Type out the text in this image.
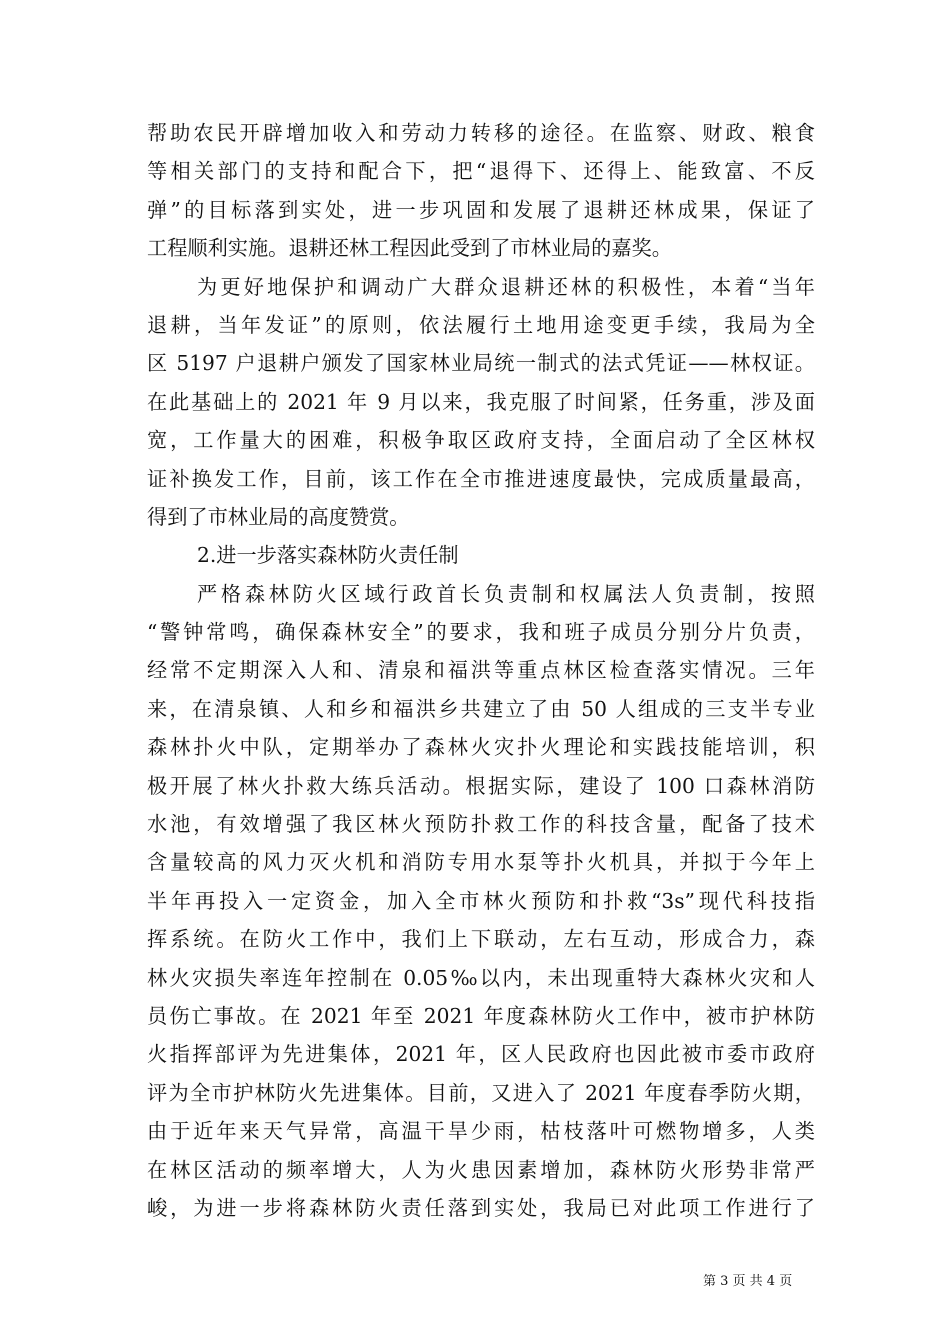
帮助农民开辟增加收入和劳动力转移的途径。在监察、财政、粮食
等相关部门的支持和配合下，把“退得下、还得上、能致富、不反
弹”的目标落到实处，进一步巩固和发展了退耕还林成果，保证了
工程顺利实施。退耕还林工程因此受到了市林业局的嘉奖。
为更好地保护和调动广大群众退耕还林的积极性，本着“当年
退耕，当年发证”的原则，依法履行土地用途变更手续，我局为全
区 5197 户退耕户颁发了国家林业局统一制式的法式凭证——林权证。
在此基础上的 2021 年 9 月以来，我克服了时间紧，任务重，涉及面
宽，工作量大的困难，积极争取区政府支持，全面启动了全区林权
证补换发工作，目前，该工作在全市推进速度最快，完成质量最高，
得到了市林业局的高度赞赏。
2.进一步落实森林防火责任制
严格森林防火区域行政首长负责制和权属法人负责制，按照
“警钟常鸣，确保森林安全”的要求，我和班子成员分别分片负责，
经常不定期深入人和、清泉和福洪等重点林区检查落实情况。三年
来，在清泉镇、人和乡和福洪乡共建立了由 50 人组成的三支半专业
森林扑火中队，定期举办了森林火灾扑火理论和实践技能培训，积
极开展了林火扑救大练兵活动。根据实际，建设了 100 口森林消防
水池，有效增强了我区林火预防扑救工作的科技含量，配备了技术
含量较高的风力灭火机和消防专用水泵等扑火机具，并拟于今年上
半年再投入一定资金，加入全市林火预防和扑救“3s”现代科技指
挥系统。在防火工作中，我们上下联动，左右互动，形成合力，森
林火灾损失率连年控制在 0.05‰以内，未出现重特大森林火灾和人
员伤亡事故。在 2021 年至 2021 年度森林防火工作中，被市护林防
火指挥部评为先进集体，2021 年，区人民政府也因此被市委市政府
评为全市护林防火先进集体。目前，又进入了 2021 年度春季防火期，
由于近年来天气异常，高温干旱少雨，枯枝落叶可燃物增多，人类
在林区活动的频率增大，人为火患因素增加，森林防火形势非常严
峻，为进一步将森林防火责任落到实处，我局已对此项工作进行了
第 3 页 共 4 页
